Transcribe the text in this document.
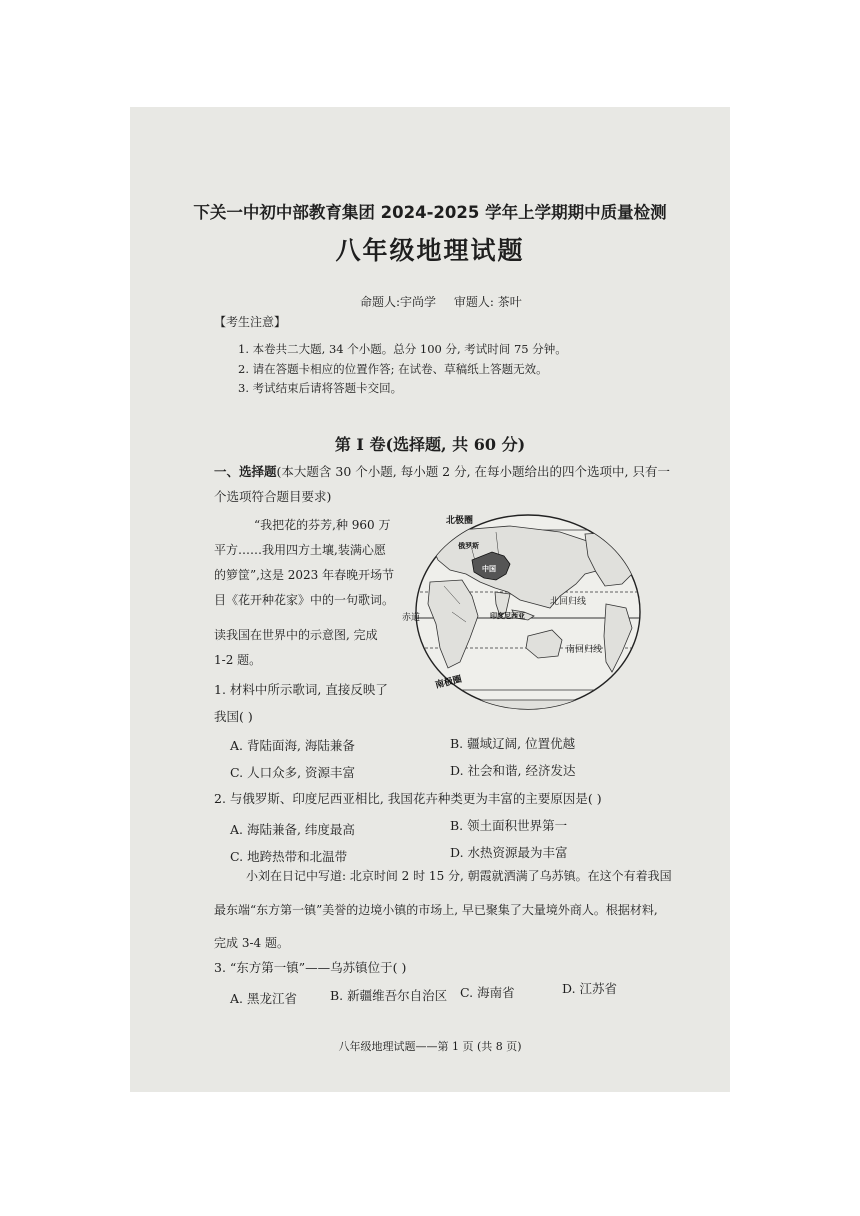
下关一中初中部教育集团 2024-2025 学年上学期期中质量检测
八年级地理试题
命题人:宇尚学 审题人: 茶叶
【考生注意】
1. 本卷共二大题, 34 个小题。总分 100 分, 考试时间 75 分钟。
2. 请在答题卡相应的位置作答; 在试卷、草稿纸上答题无效。
3. 考试结束后请将答题卡交回。
第 I 卷(选择题, 共 60 分)
一、选择题(本大题含 30 个小题, 每小题 2 分, 在每小题给出的四个选项中, 只有一
个选项符合题目要求)
“我把花的芬芳,种 960 万
平方……我用四方土壤,装满心愿
的箩筐”,这是 2023 年春晚开场节
目《花开种花家》中的一句歌词。
读我国在世界中的示意图, 完成
1-2 题。
中国
北极圈
俄罗斯
北回归线
赤道	印度尼西亚
南回归线
南极圈
1. 材料中所示歌词, 直接反映了
我国( )
A. 背陆面海, 海陆兼备	B. 疆域辽阔, 位置优越
C. 人口众多, 资源丰富	D. 社会和谐, 经济发达
2. 与俄罗斯、印度尼西亚相比, 我国花卉种类更为丰富的主要原因是( )
A. 海陆兼备, 纬度最高	B. 领土面积世界第一
C. 地跨热带和北温带	D. 水热资源最为丰富
小刘在日记中写道: 北京时间 2 时 15 分, 朝霞就洒满了乌苏镇。在这个有着我国
最东端“东方第一镇”美誉的边境小镇的市场上, 早已聚集了大量境外商人。根据材料,
完成 3-4 题。
3. “东方第一镇”——乌苏镇位于( )
A. 黑龙江省	B. 新疆维吾尔自治区 C. 海南省	D. 江苏省
八年级地理试题——第 1 页 (共 8 页)
